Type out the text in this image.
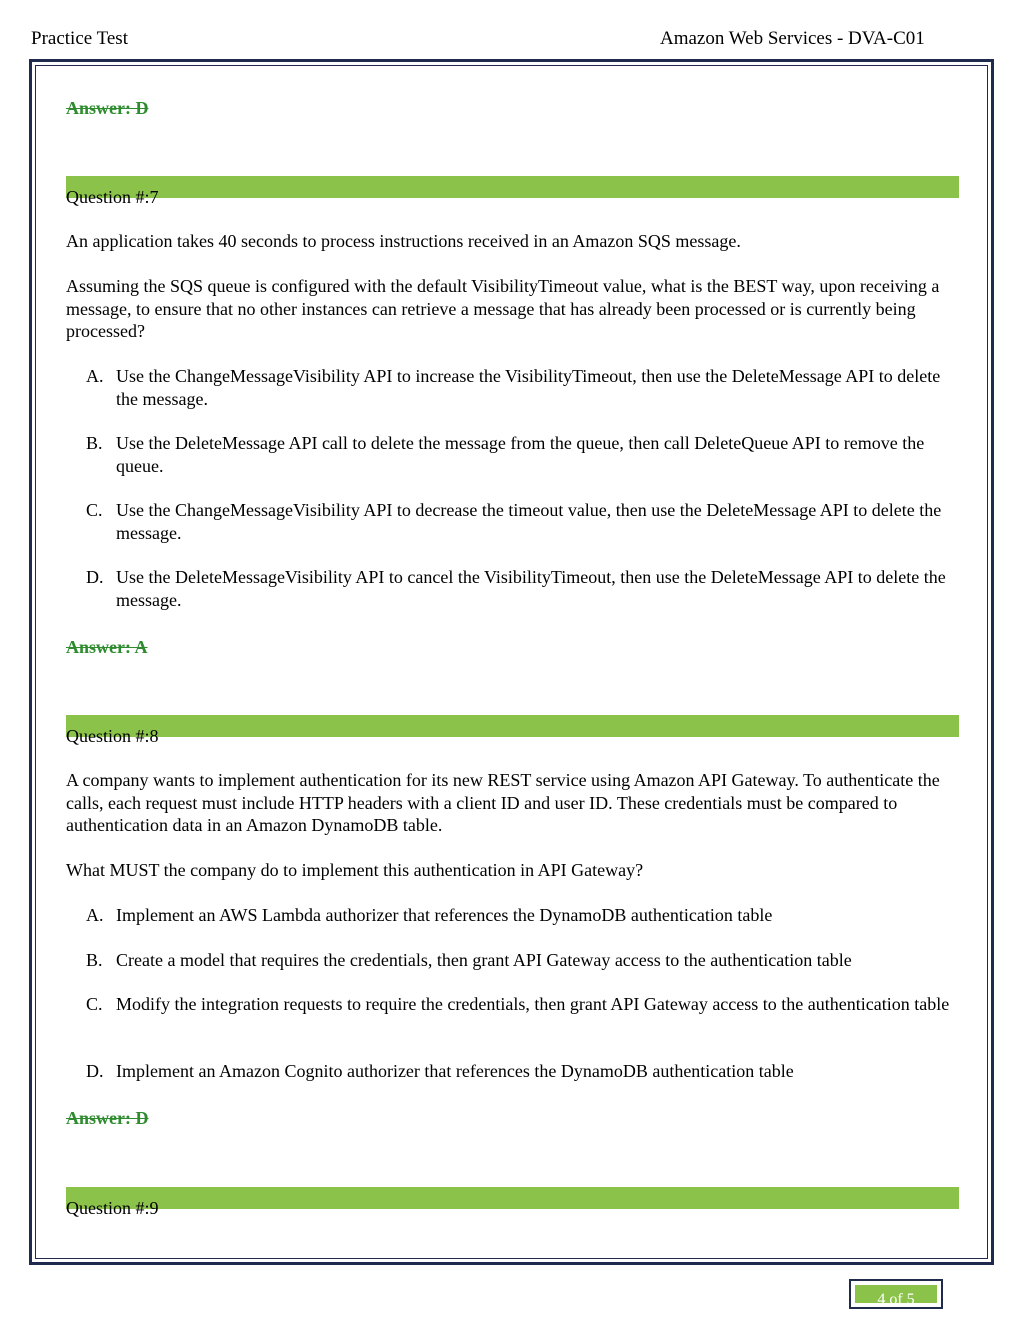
Practice Test	Amazon Web Services - DVA-C01
Answer: D
Question #:7

An application takes 40 seconds to process instructions received in an Amazon SQS message.

Assuming the SQS queue is configured with the default VisibilityTimeout value, what is the BEST way, upon receiving a message, to ensure that no other instances can retrieve a message that has already been processed or is currently being processed?

A. Use the ChangeMessageVisibility API to increase the VisibilityTimeout, then use the DeleteMessage API to delete the message.
B. Use the DeleteMessage API call to delete the message from the queue, then call DeleteQueue API to remove the queue.
C. Use the ChangeMessageVisibility API to decrease the timeout value, then use the DeleteMessage API to delete the message.
D. Use the DeleteMessageVisibility API to cancel the VisibilityTimeout, then use the DeleteMessage API to delete the message.
Answer: A
Question #:8

A company wants to implement authentication for its new REST service using Amazon API Gateway. To authenticate the calls, each request must include HTTP headers with a client ID and user ID. These credentials must be compared to authentication data in an Amazon DynamoDB table.

What MUST the company do to implement this authentication in API Gateway?

A. Implement an AWS Lambda authorizer that references the DynamoDB authentication table
B. Create a model that requires the credentials, then grant API Gateway access to the authentication table
C. Modify the integration requests to require the credentials, then grant API Gateway access to the authentication table
D. Implement an Amazon Cognito authorizer that references the DynamoDB authentication table
Answer: D
Question #:9
4 of 5
